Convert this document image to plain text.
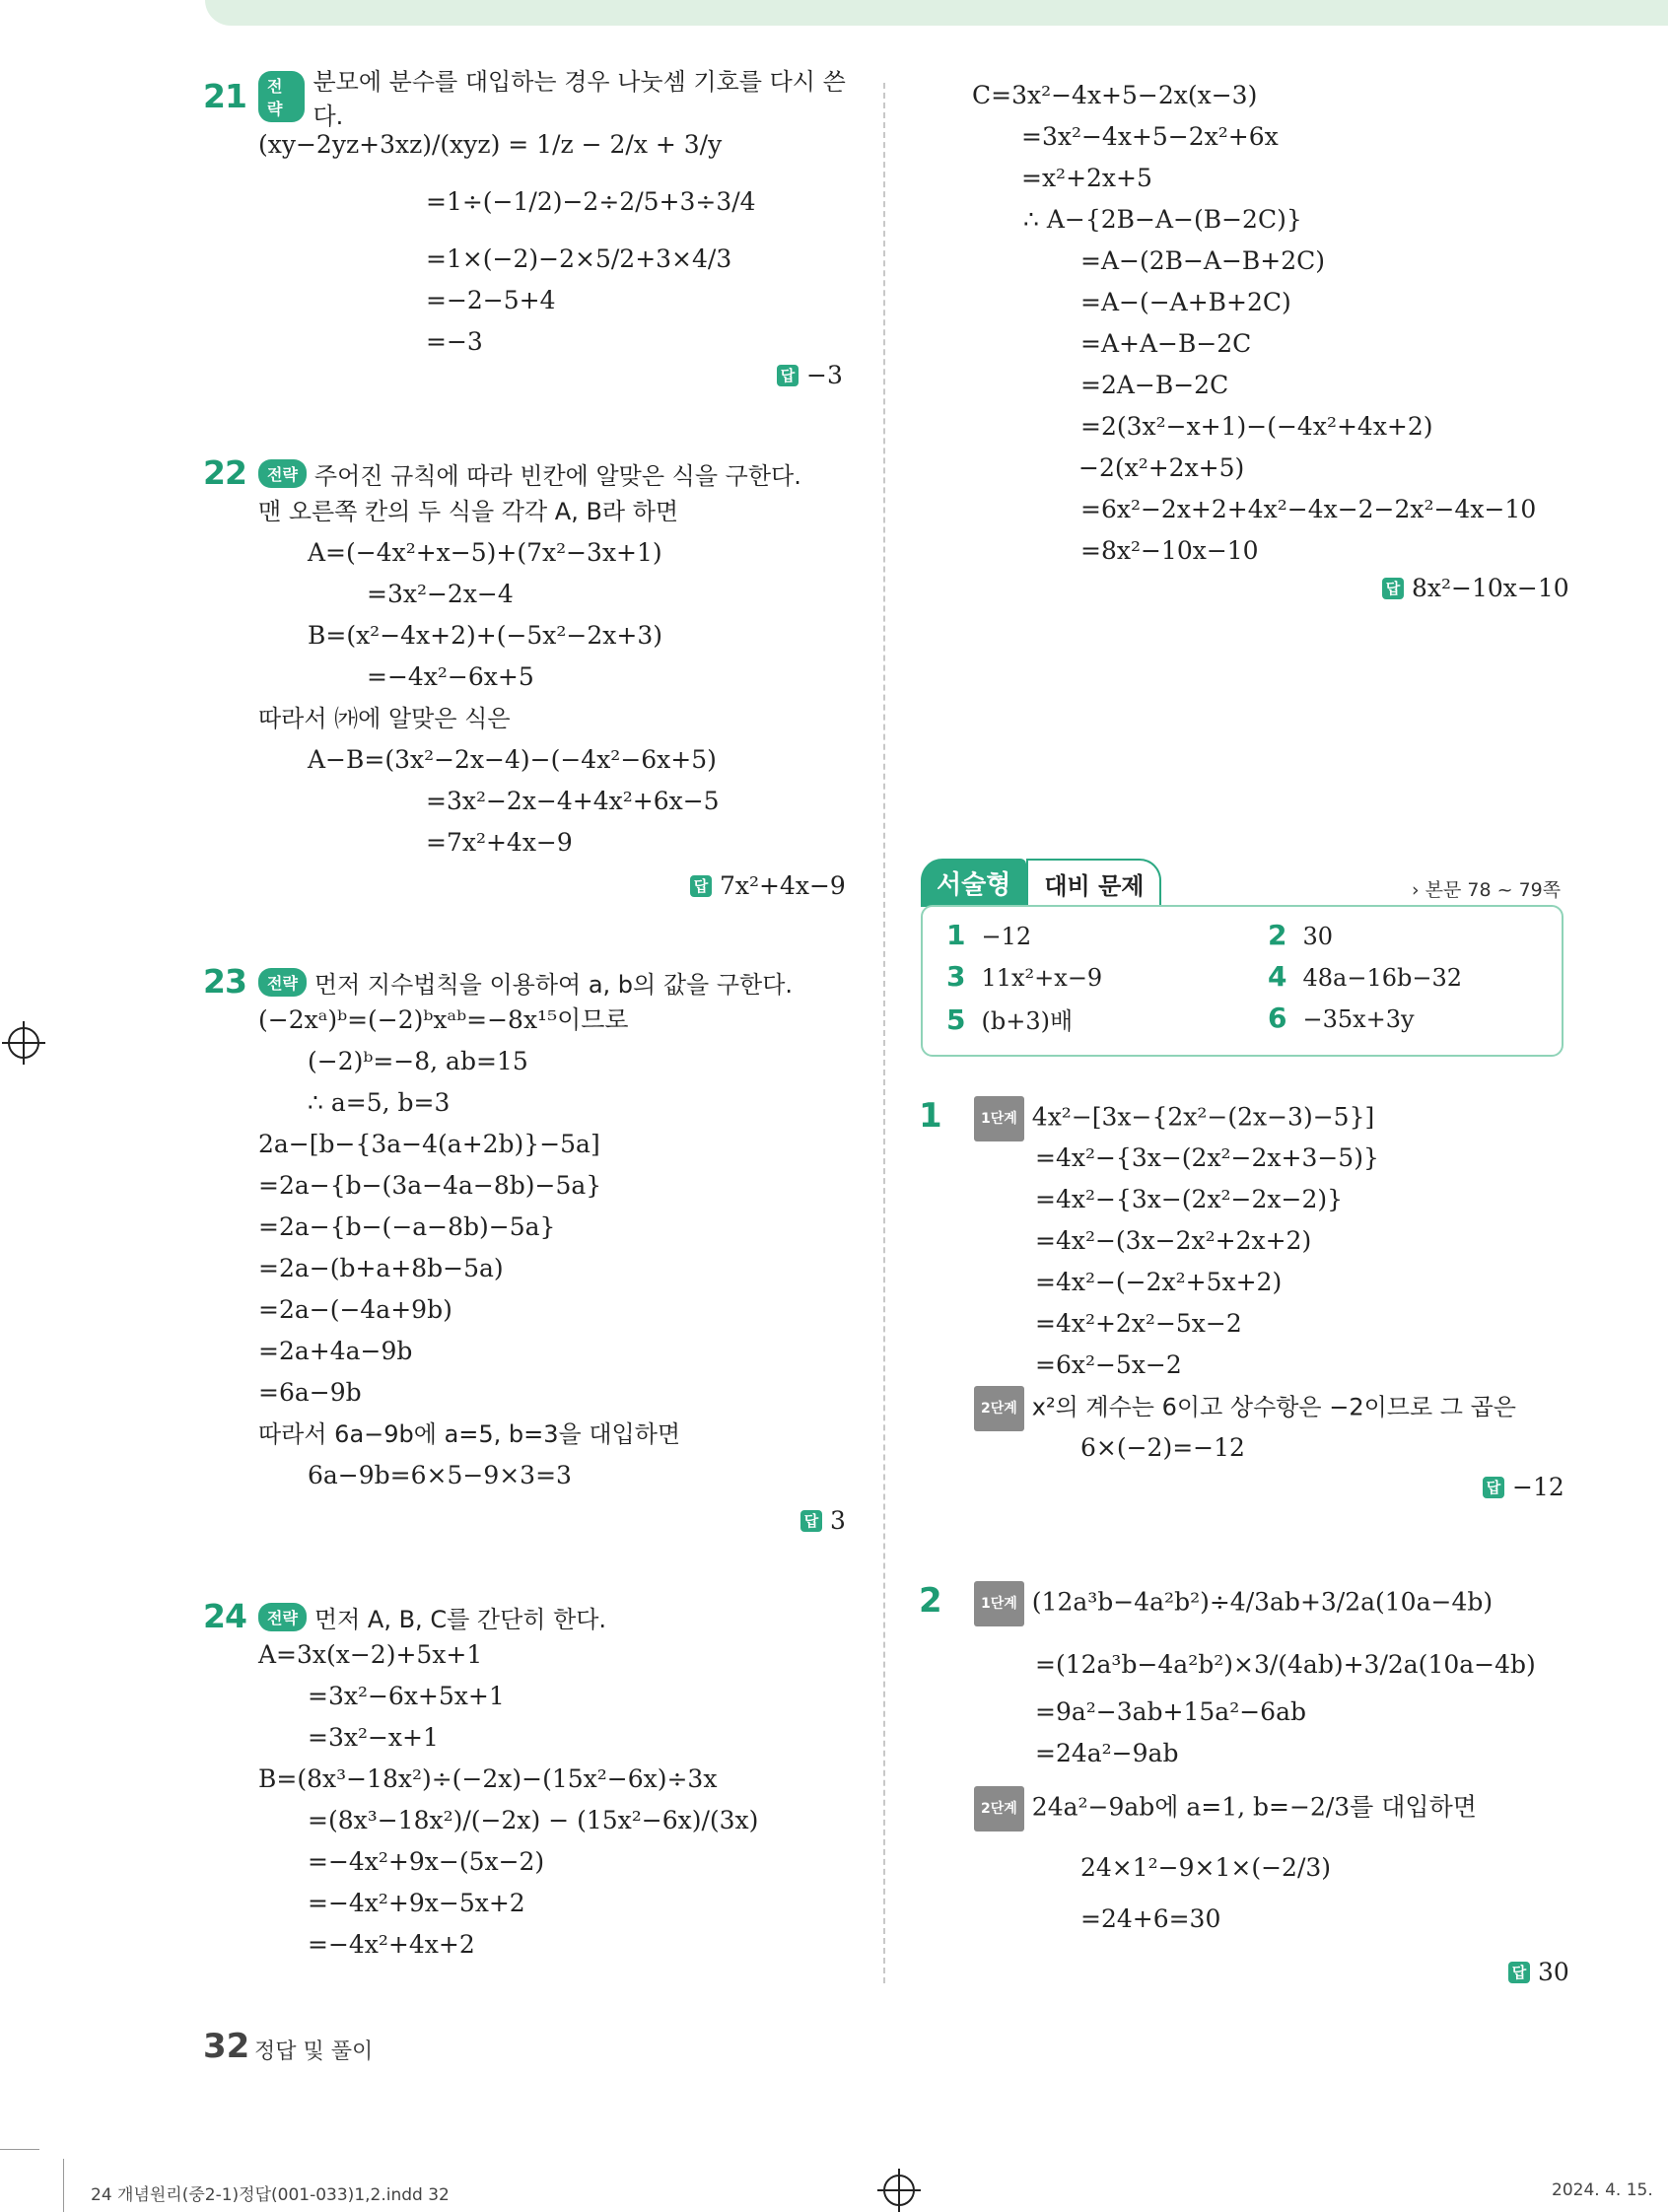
21	전략
분모에 분수를 대입하는 경우 나눗셈 기호를 다시 쓴다.
(xy−2yz+3xz)/(xyz) = 1/z − 2/x + 3/y
=1÷(−1/2)−2÷2/5+3÷3/4
=1×(−2)−2×5/2+3×4/3
=−2−5+4
=−3
답 −3
22	전략 주어진 규칙에 따라 빈칸에 알맞은 식을 구한다.
맨 오른쪽 칸의 두 식을 각각 A, B라 하면
A=(−4x²+x−5)+(7x²−3x+1)
=3x²−2x−4
B=(x²−4x+2)+(−5x²−2x+3)
=−4x²−6x+5
따라서 ㈎에 알맞은 식은
A−B=(3x²−2x−4)−(−4x²−6x+5)
=3x²−2x−4+4x²+6x−5
=7x²+4x−9
답 7x²+4x−9
23	전략 먼저 지수법칙을 이용하여 a, b의 값을 구한다.
(−2xᵃ)ᵇ=(−2)ᵇxᵃᵇ=−8x¹⁵이므로
(−2)ᵇ=−8, ab=15
∴ a=5, b=3
2a−[b−{3a−4(a+2b)}−5a]
=2a−{b−(3a−4a−8b)−5a}
=2a−{b−(−a−8b)−5a}
=2a−(b+a+8b−5a)
=2a−(−4a+9b)
=2a+4a−9b
=6a−9b
따라서 6a−9b에 a=5, b=3을 대입하면
6a−9b=6×5−9×3=3
답 3
24	전략 먼저 A, B, C를 간단히 한다.
A=3x(x−2)+5x+1
=3x²−6x+5x+1
=3x²−x+1
B=(8x³−18x²)÷(−2x)−(15x²−6x)÷3x
=(8x³−18x²)/(−2x) − (15x²−6x)/(3x)
=−4x²+9x−(5x−2)
=−4x²+9x−5x+2
=−4x²+4x+2
C=3x²−4x+5−2x(x−3)
=3x²−4x+5−2x²+6x
=x²+2x+5
∴ A−{2B−A−(B−2C)}
=A−(2B−A−B+2C)
=A−(−A+B+2C)
=A+A−B−2C
=2A−B−2C
=2(3x²−x+1)−(−4x²+4x+2)
−2(x²+2x+5)
=6x²−2x+2+4x²−4x−2−2x²−4x−10
=8x²−10x−10
답 8x²−10x−10
서술형	대비 문제	› 본문 78 ~ 79쪽
1 −12	2 30
3 11x²+x−9	4 48a−16b−32
5 (b+3)배	6 −35x+3y
1	1단계 4x²−[3x−{2x²−(2x−3)−5}]
=4x²−{3x−(2x²−2x+3−5)}
=4x²−{3x−(2x²−2x−2)}
=4x²−(3x−2x²+2x+2)
=4x²−(−2x²+5x+2)
=4x²+2x²−5x−2
=6x²−5x−2
2단계 x²의 계수는 6이고 상수항은 −2이므로 그 곱은
6×(−2)=−12
답 −12
2	1단계 (12a³b−4a²b²)÷4/3ab+3/2a(10a−4b)
=(12a³b−4a²b²)×3/(4ab)+3/2a(10a−4b)
=9a²−3ab+15a²−6ab
=24a²−9ab
2단계 24a²−9ab에 a=1, b=−2/3를 대입하면
24×1²−9×1×(−2/3)
=24+6=30
답 30
32 정답 및 풀이
24 개념원리(중2-1)정답(001-033)1,2.indd 32	2024. 4. 15.
